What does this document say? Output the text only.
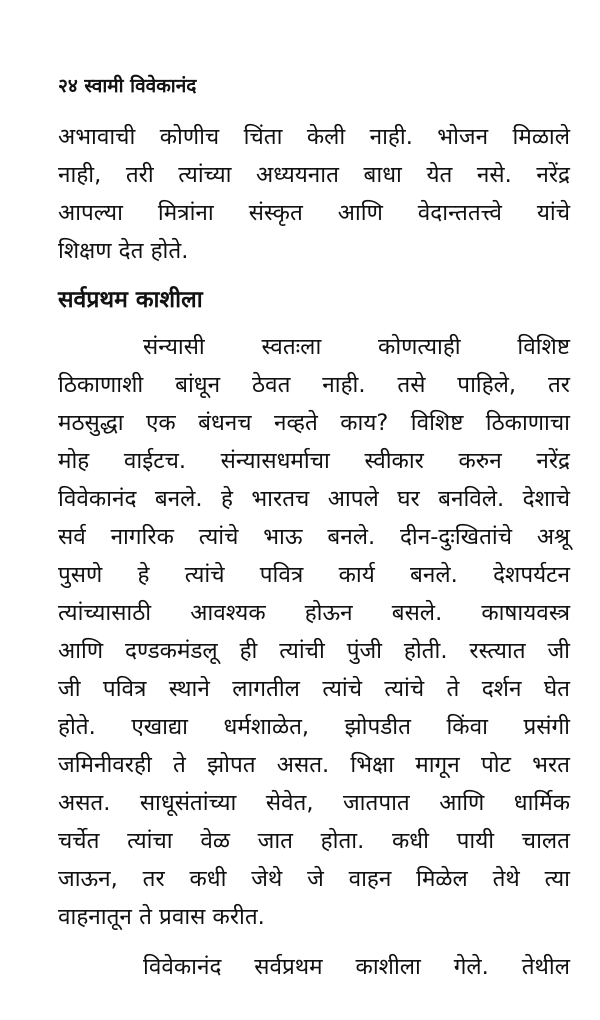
२४ स्वामी विवेकानंद
अभावाची कोणीच चिंता केली नाही. भोजन मिळाले
नाही, तरी त्यांच्या अध्ययनात बाधा येत नसे. नरेंद्र
आपल्या मित्रांना संस्कृत आणि वेदान्ततत्त्वे यांचे
शिक्षण देत होते.
सर्वप्रथम काशीला
संन्यासी स्वतःला कोणत्याही विशिष्ट
ठिकाणाशी बांधून ठेवत नाही. तसे पाहिले, तर
मठसुद्धा एक बंधनच नव्हते काय? विशिष्ट ठिकाणाचा
मोह वाईटच. संन्यासधर्माचा स्वीकार करुन नरेंद्र
विवेकानंद बनले. हे भारतच आपले घर बनविले. देशाचे
सर्व नागरिक त्यांचे भाऊ बनले. दीन-दुःखितांचे अश्रू
पुसणे हे त्यांचे पवित्र कार्य बनले. देशपर्यटन
त्यांच्यासाठी आवश्यक होऊन बसले. काषायवस्त्र
आणि दण्डकमंडलू ही त्यांची पुंजी होती. रस्त्यात जी
जी पवित्र स्थाने लागतील त्यांचे त्यांचे ते दर्शन घेत
होते. एखाद्या धर्मशाळेत, झोपडीत किंवा प्रसंगी
जमिनीवरही ते झोपत असत. भिक्षा मागून पोट भरत
असत. साधूसंतांच्या सेवेत, जातपात आणि धार्मिक
चर्चेत त्यांचा वेळ जात होता. कधी पायी चालत
जाऊन, तर कधी जेथे जे वाहन मिळेल तेथे त्या
वाहनातून ते प्रवास करीत.
विवेकानंद सर्वप्रथम काशीला गेले. तेथील
